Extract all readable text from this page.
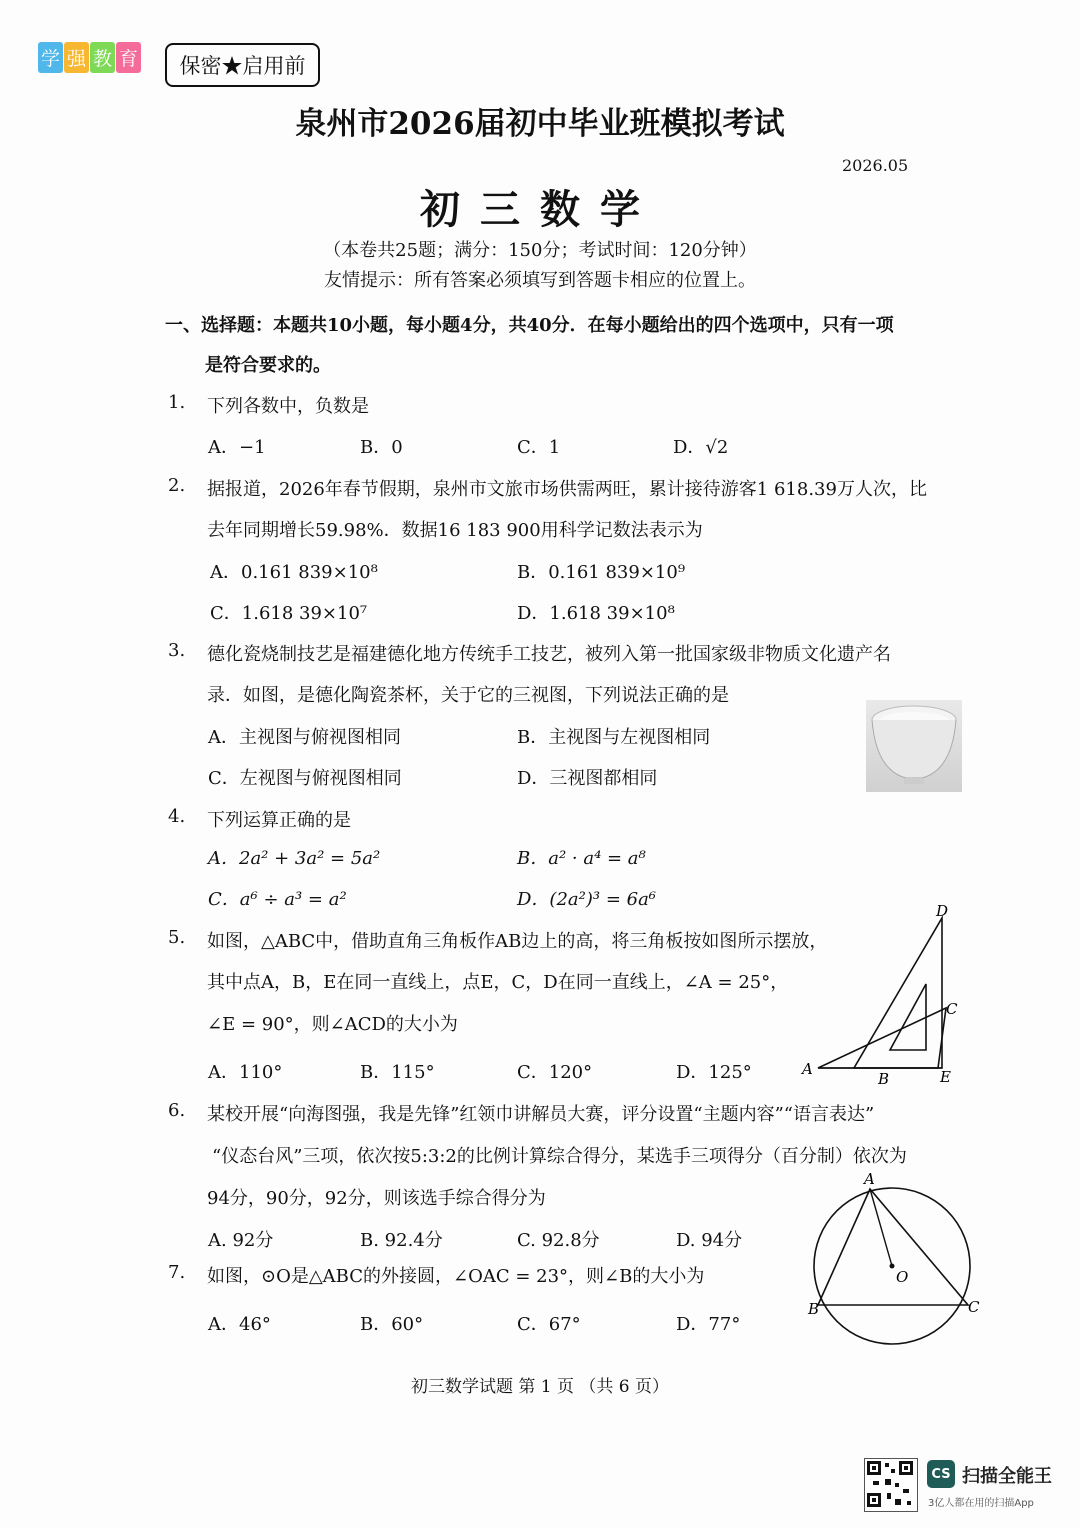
学 强 教 育	保密★启用前
泉州市2026届初中毕业班模拟考试
2026.05
初三数学
（本卷共25题；满分：150分；考试时间：120分钟）
友情提示：所有答案必须填写到答题卡相应的位置上。
一、选择题：本题共10小题，每小题4分，共40分．在每小题给出的四个选项中，只有一项
是符合要求的。
1. 下列各数中，负数是
A．−1	B．0	C．1	D．√2
2. 据报道，2026年春节假期，泉州市文旅市场供需两旺，累计接待游客1 618.39万人次，比
去年同期增长59.98%．数据16 183 900用科学记数法表示为
A．0.161 839×10⁸	B．0.161 839×10⁹
C．1.618 39×10⁷	D．1.618 39×10⁸
3. 德化瓷烧制技艺是福建德化地方传统手工技艺，被列入第一批国家级非物质文化遗产名
录．如图，是德化陶瓷茶杯，关于它的三视图，下列说法正确的是
A．主视图与俯视图相同	B．主视图与左视图相同
C．左视图与俯视图相同	D．三视图都相同
4. 下列运算正确的是
A．2a² + 3a² = 5a²	B．a² · a⁴ = a⁸
C．a⁶ ÷ a³ = a²	D．(2a²)³ = 6a⁶
5. 如图，△ABC中，借助直角三角板作AB边上的高，将三角板按如图所示摆放，
其中点A，B，E在同一直线上，点E，C，D在同一直线上，∠A = 25°，
∠E = 90°，则∠ACD的大小为
A．110°	B．115°	C．120°	D．125°
D
C
A
B	E
6. 某校开展“向海图强，我是先锋”红领巾讲解员大赛，评分设置“主题内容”“语言表达”
“仪态台风”三项，依次按5:3:2的比例计算综合得分，某选手三项得分（百分制）依次为
94分，90分，92分，则该选手综合得分为
A. 92分	B. 92.4分	C. 92.8分	D. 94分
7. 如图，⊙O是△ABC的外接圆，∠OAC = 23°，则∠B的大小为
A．46°	B．60°	C．67°	D．77°
A
O
B	C
初三数学试题 第 1 页 （共 6 页）
CS 扫描全能王
3亿人都在用的扫描App
